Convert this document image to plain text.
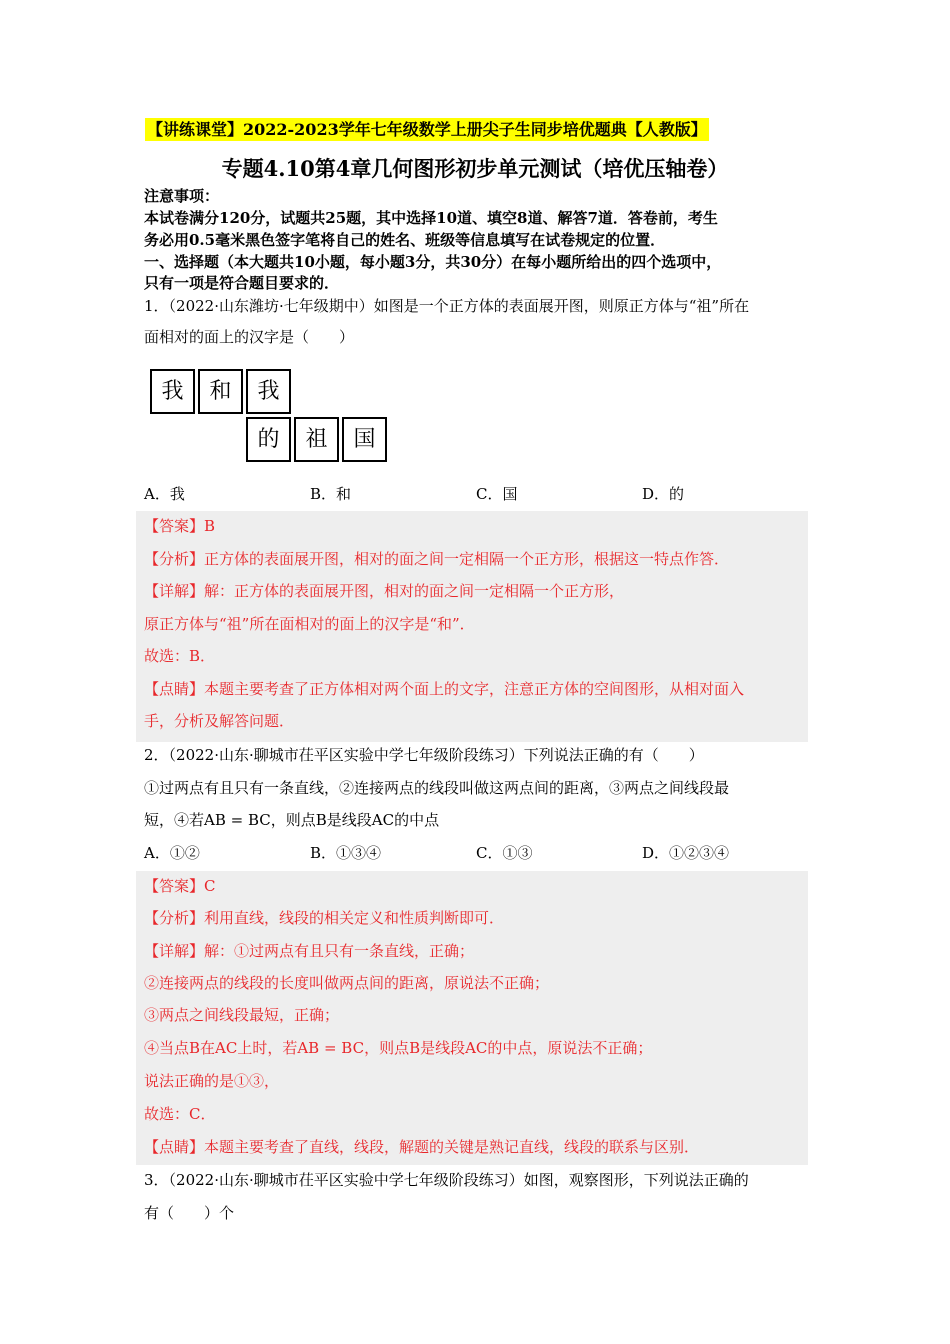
【讲练课堂】2022-2023学年七年级数学上册尖子生同步培优题典【人教版】
专题4.10第4章几何图形初步单元测试（培优压轴卷）
注意事项：
本试卷满分120分，试题共25题，其中选择10道、填空8道、解答7道．答卷前，考生
务必用0.5毫米黑色签字笔将自己的姓名、班级等信息填写在试卷规定的位置．
一、选择题（本大题共10小题，每小题3分，共30分）在每小题所给出的四个选项中，
只有一项是符合题目要求的．
1．（2022·山东潍坊·七年级期中）如图是一个正方体的表面展开图，则原正方体与“祖”所在
面相对的面上的汉字是（　　）
我	和	我
的	祖	国
A．我	B．和	C．国	D．的
【答案】B
【分析】正方体的表面展开图，相对的面之间一定相隔一个正方形，根据这一特点作答．
【详解】解：正方体的表面展开图，相对的面之间一定相隔一个正方形，
原正方体与“祖”所在面相对的面上的汉字是“和”．
故选：B．
【点睛】本题主要考查了正方体相对两个面上的文字，注意正方体的空间图形，从相对面入
手，分析及解答问题．
2．（2022·山东·聊城市茌平区实验中学七年级阶段练习）下列说法正确的有（　　）
①过两点有且只有一条直线，②连接两点的线段叫做这两点间的距离，③两点之间线段最
短，④若AB = BC，则点B是线段AC的中点
A．①②	B．①③④	C．①③	D．①②③④
【答案】C
【分析】利用直线，线段的相关定义和性质判断即可．
【详解】解：①过两点有且只有一条直线，正确；
②连接两点的线段的长度叫做两点间的距离，原说法不正确；
③两点之间线段最短，正确；
④当点B在AC上时，若AB = BC，则点B是线段AC的中点，原说法不正确；
说法正确的是①③，
故选：C．
【点睛】本题主要考查了直线，线段，解题的关键是熟记直线，线段的联系与区别．
3．（2022·山东·聊城市茌平区实验中学七年级阶段练习）如图，观察图形，下列说法正确的
有（　　）个
